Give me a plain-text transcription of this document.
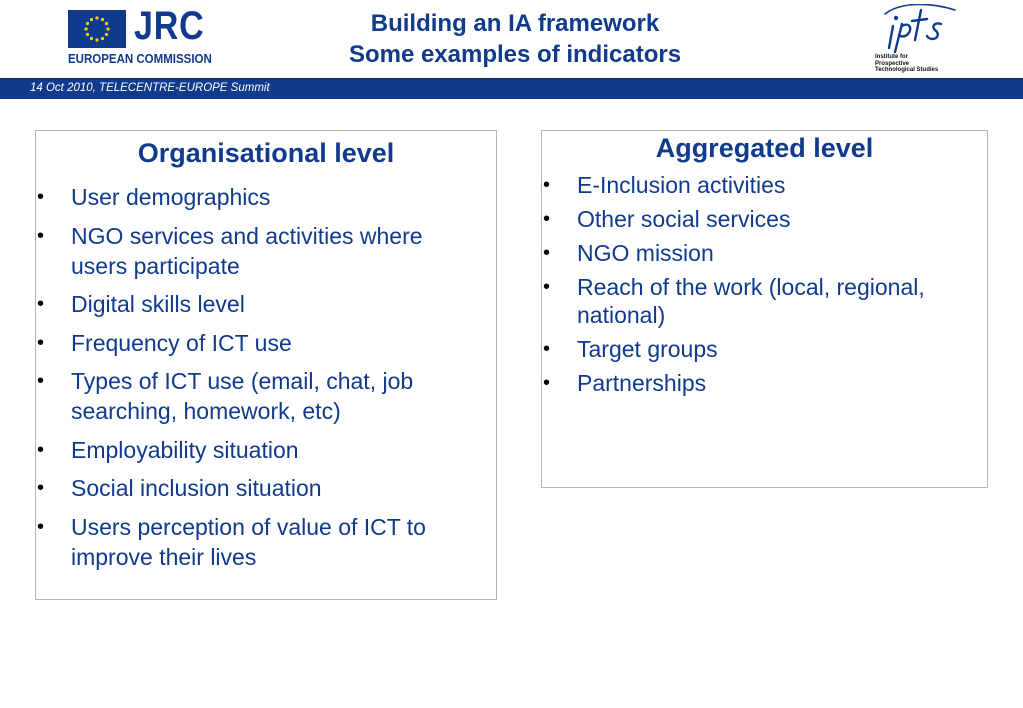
JRC
EUROPEAN COMMISSION
Building an IA framework
Some examples of indicators	Institute for
Prospective
Technological Studies
14 Oct 2010, TELECENTRE-EUROPE Summit
Organisational level
• User demographics
• NGO services and activities where users participate
• Digital skills level
• Frequency of ICT use
• Types of ICT use (email, chat, job searching, homework, etc)
• Employability situation
• Social inclusion situation
• Users perception of value of ICT to improve their lives
Aggregated level
• E-Inclusion activities
• Other social services
• NGO mission
• Reach of the work (local, regional, national)
• Target groups
• Partnerships
